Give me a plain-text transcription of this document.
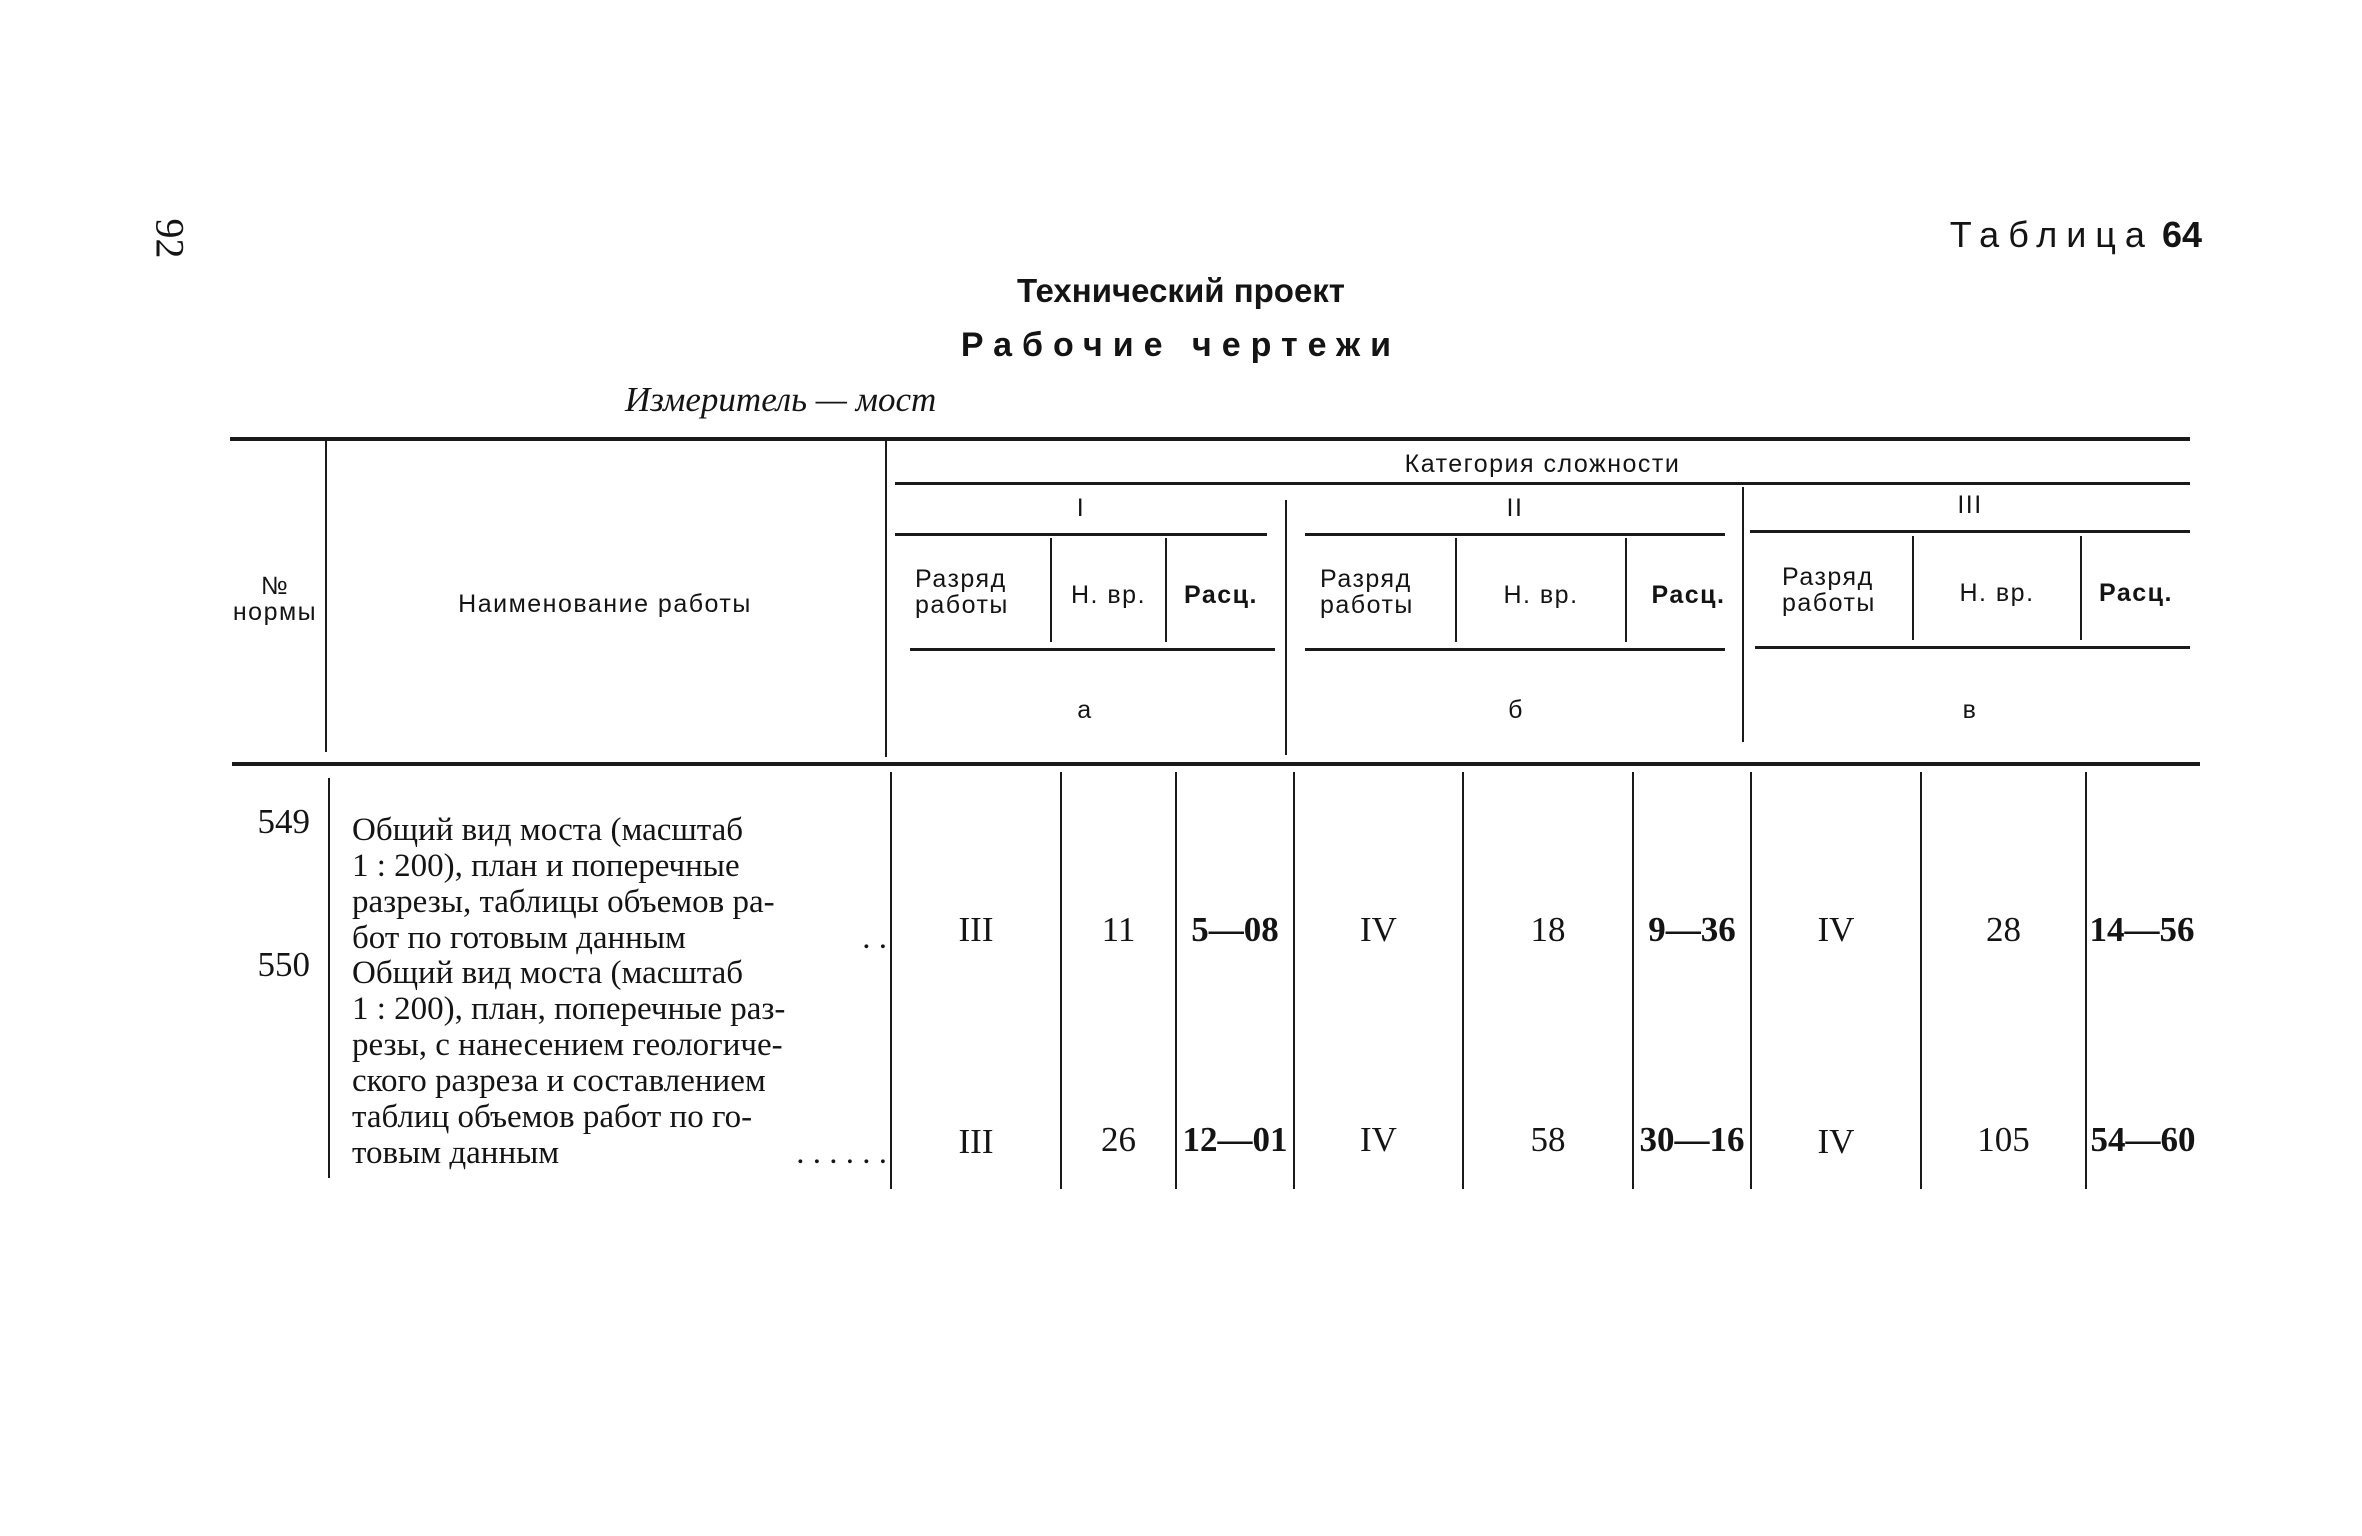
92	Таблица 64
Технический проект
Рабочие чертежи
Измеритель — мост
№
нормы	Наименование работы
Категория сложности
I	II	III
Разряд
работы	Н. вр.	Расц.
Разряд
работы	Н. вр.	Расц.
Разряд
работы	Н. вр.	Расц.
а	б	в
549 Общий вид моста (масштаб
1 : 200), план и поперечные
разрезы, таблицы объемов ра-
бот по готовым данным	. .	III	11	5—08	IV	18	9—36	IV	28	14—56
550 Общий вид моста (масштаб
1 : 200), план, поперечные раз-
резы, с нанесением геологиче-
ского разреза и составлением
таблиц объемов работ по го-
товым данным	. . . . . .	III	26	12—01	IV	58	30—16	IV	105	54—60
